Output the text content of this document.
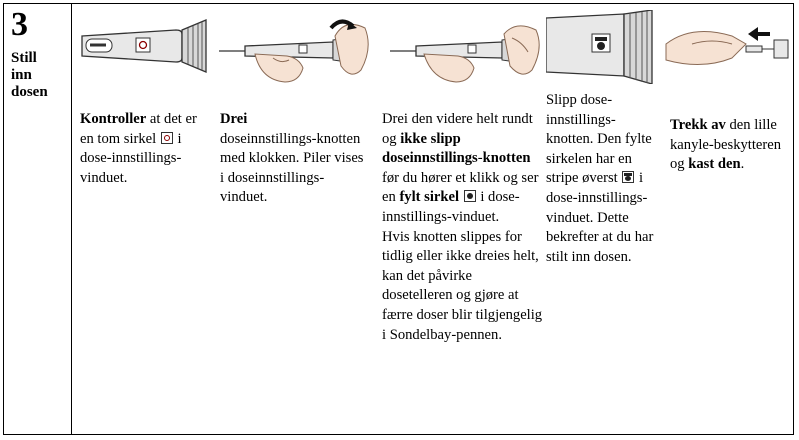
3
Still
inn
dosen

Kontroller at det er en tom sirkel  i dose-innstillings-vinduet.

Drei

doseinnstillings-knotten med klokken. Piler vises i doseinnstillings-vinduet.

Drei den videre helt rundt og ikke slipp doseinnstillings-knotten før du hører et klikk og ser en fylt sirkel  i dose-innstillings-vinduet.

Hvis knotten slippes for tidlig eller ikke dreies helt, kan det påvirke dosetelleren og gjøre at færre doser blir tilgjengelig i Sondelbay-pennen.

Slipp dose-innstillings-knotten. Den fylte sirkelen har en stripe øverst  i dose-innstillings-vinduet. Dette bekrefter at du har stilt inn dosen.

Trekk av den lille kanyle-beskytteren og kast den.
